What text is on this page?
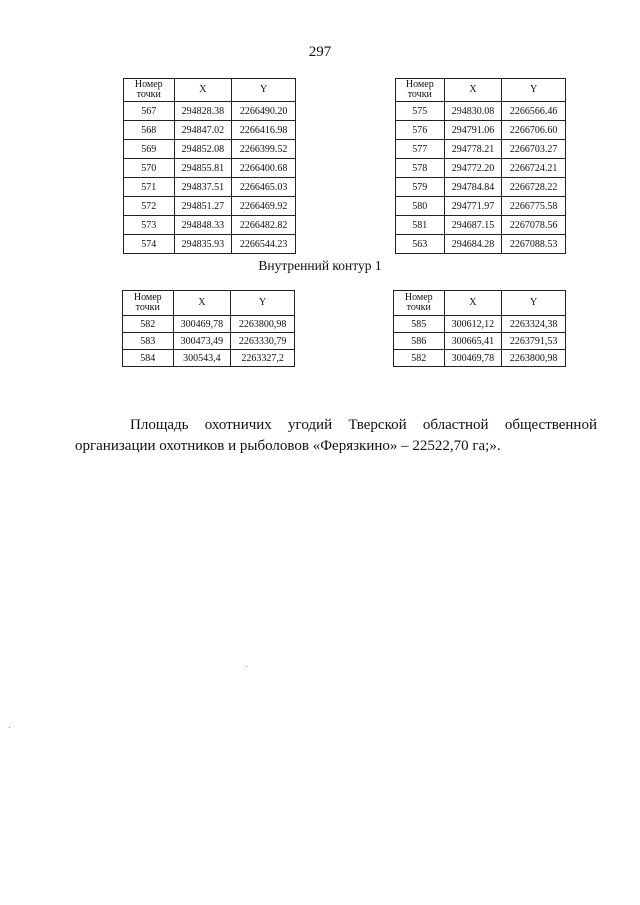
297
Номер точки	X	Y
567	294828.38	2266490.20
568	294847.02	2266416.98
569	294852.08	2266399.52
570	294855.81	2266400.68
571	294837.51	2266465.03
572	294851.27	2266469.92
573	294848.33	2266482.82
574	294835.93	2266544.23
Номер точки	X	Y
575	294830.08	2266566.46
576	294791.06	2266706.60
577	294778.21	2266703.27
578	294772.20	2266724.21
579	294784.84	2266728.22
580	294771.97	2266775.58
581	294687.15	2267078.56
563	294684.28	2267088.53
Внутренний контур 1
Номер точки	X	Y
582	300469,78	2263800,98
583	300473,49	2263330,79
584	300543,4	2263327,2
Номер точки	X	Y
585	300612,12	2263324,38
586	300665,41	2263791,53
582	300469,78	2263800,98

Площадь охотничих угодий Тверской областной общественной организации охотников и рыболовов «Ферязкино» – 22522,70 га;».
